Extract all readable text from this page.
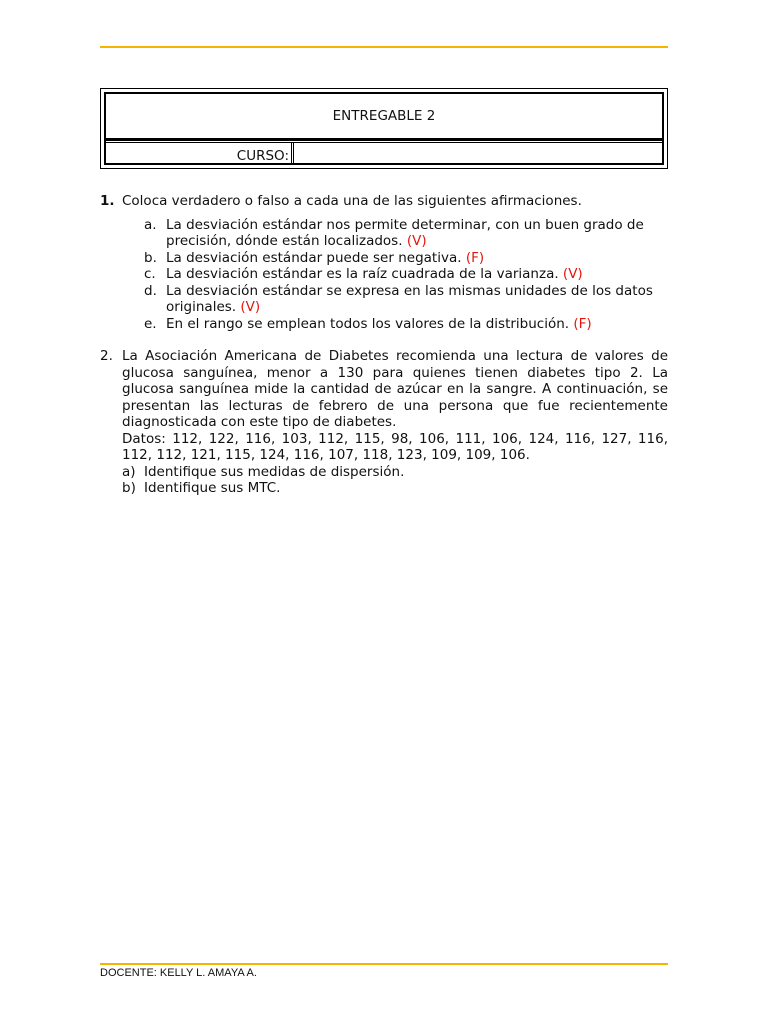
ENTREGABLE 2
CURSO:
1. Coloca verdadero o falso a cada una de las siguientes afirmaciones.
a. La desviación estándar nos permite determinar, con un buen grado de precisión, dónde están localizados. (V)
b. La desviación estándar puede ser negativa. (F)
c. La desviación estándar es la raíz cuadrada de la varianza. (V)
d. La desviación estándar se expresa en las mismas unidades de los datos originales. (V)
e. En el rango se emplean todos los valores de la distribución. (F)
2. La Asociación Americana de Diabetes recomienda una lectura de valores de glucosa sanguínea, menor a 130 para quienes tienen diabetes tipo 2. La glucosa sanguínea mide la cantidad de azúcar en la sangre. A continuación, se presentan las lecturas de febrero de una persona que fue recientemente diagnosticada con este tipo de diabetes.
Datos: 112, 122, 116, 103, 112, 115, 98, 106, 111, 106, 124, 116, 127, 116, 112, 112, 121, 115, 124, 116, 107, 118, 123, 109, 109, 106.
a) Identifique sus medidas de dispersión.
b) Identifique sus MTC.
DOCENTE: KELLY L. AMAYA A.
